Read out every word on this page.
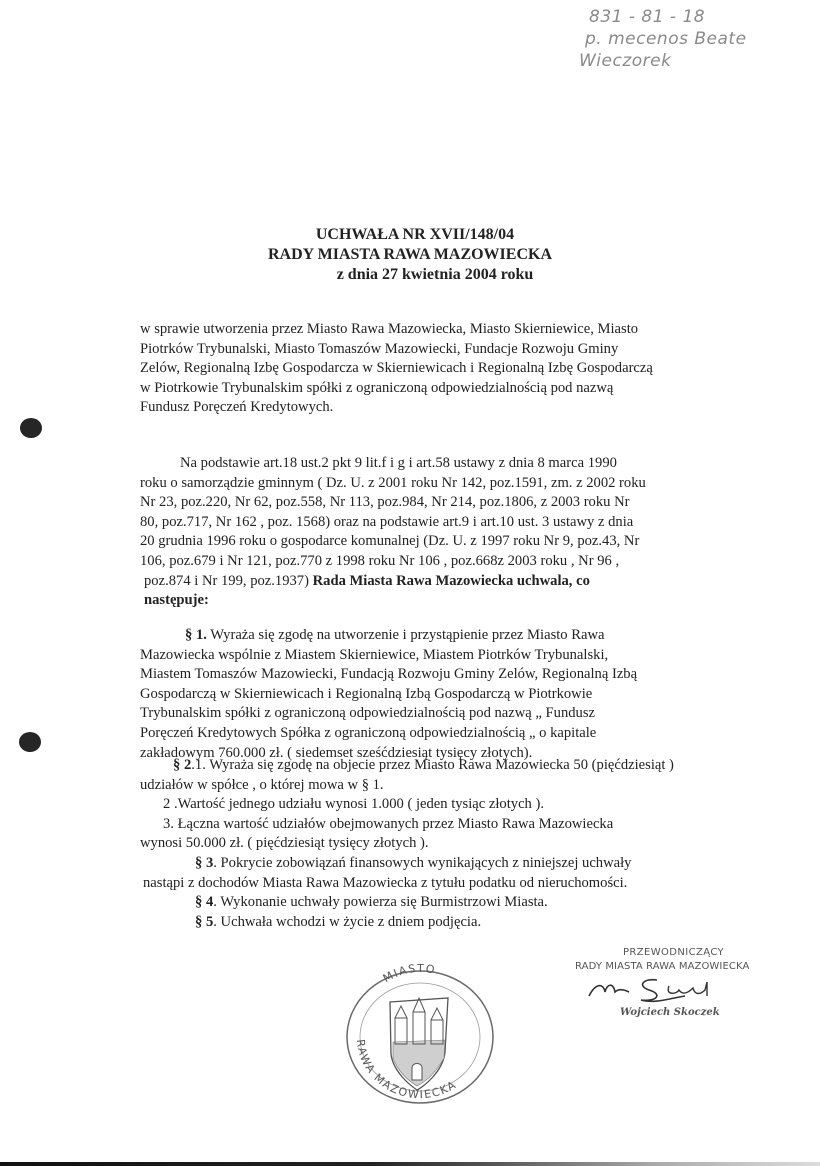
831 - 81 - 18
p. mecenos Beate
Wieczorek
UCHWAŁA NR XVII/148/04
RADY MIASTA RAWA MAZOWIECKA
z dnia 27 kwietnia 2004 roku
w sprawie utworzenia przez Miasto Rawa Mazowiecka, Miasto Skierniewice, Miasto
Piotrków Trybunalski, Miasto Tomaszów Mazowiecki, Fundacje Rozwoju Gminy
Zelów, Regionalną Izbę Gospodarcza w Skierniewicach i Regionalną Izbę Gospodarczą
w Piotrkowie Trybunalskim spółki z ograniczoną odpowiedzialnością pod nazwą
Fundusz Poręczeń Kredytowych.
Na podstawie art.18 ust.2 pkt 9 lit.f i g i art.58 ustawy z dnia 8 marca 1990
roku o samorządzie gminnym ( Dz. U. z 2001 roku Nr 142, poz.1591, zm. z 2002 roku
Nr 23, poz.220, Nr 62, poz.558, Nr 113, poz.984, Nr 214, poz.1806, z 2003 roku Nr
80, poz.717, Nr 162 , poz. 1568) oraz na podstawie art.9 i art.10 ust. 3 ustawy z dnia
20 grudnia 1996 roku o gospodarce komunalnej (Dz. U. z 1997 roku Nr 9, poz.43, Nr
106, poz.679 i Nr 121, poz.770 z 1998 roku Nr 106 , poz.668z 2003 roku , Nr 96 ,
poz.874 i Nr 199, poz.1937) Rada Miasta Rawa Mazowiecka uchwala, co
następuje:
§ 1. Wyraża się zgodę na utworzenie i przystąpienie przez Miasto Rawa
Mazowiecka wspólnie z Miastem Skierniewice, Miastem Piotrków Trybunalski,
Miastem Tomaszów Mazowiecki, Fundacją Rozwoju Gminy Zelów, Regionalną Izbą
Gospodarczą w Skierniewicach i Regionalną Izbą Gospodarczą w Piotrkowie
Trybunalskim spółki z ograniczoną odpowiedzialnością pod nazwą „ Fundusz
Poręczeń Kredytowych Spółka z ograniczoną odpowiedzialnością „ o kapitale
zakładowym 760.000 zł. ( siedemset sześćdziesiąt tysięcy złotych).
§ 2.1. Wyraża się zgodę na objecie przez Miasto Rawa Mazowiecka 50 (pięćdziesiąt )
udziałów w spółce , o której mowa w § 1.
2 .Wartość jednego udziału wynosi 1.000 ( jeden tysiąc złotych ).
3. Łączna wartość udziałów obejmowanych przez Miasto Rawa Mazowiecka
wynosi 50.000 zł. ( pięćdziesiąt tysięcy złotych ).
§ 3. Pokrycie zobowiązań finansowych wynikających z niniejszej uchwały
nastąpi z dochodów Miasta Rawa Mazowiecka z tytułu podatku od nieruchomości.
§ 4. Wykonanie uchwały powierza się Burmistrzowi Miasta.
§ 5. Uchwała wchodzi w życie z dniem podjęcia.
PRZEWODNICZĄCY
RADY MIASTA RAWA MAZOWIECKA
Wojciech Skoczek
MIASTO
RAWA MAZOWIECKA
